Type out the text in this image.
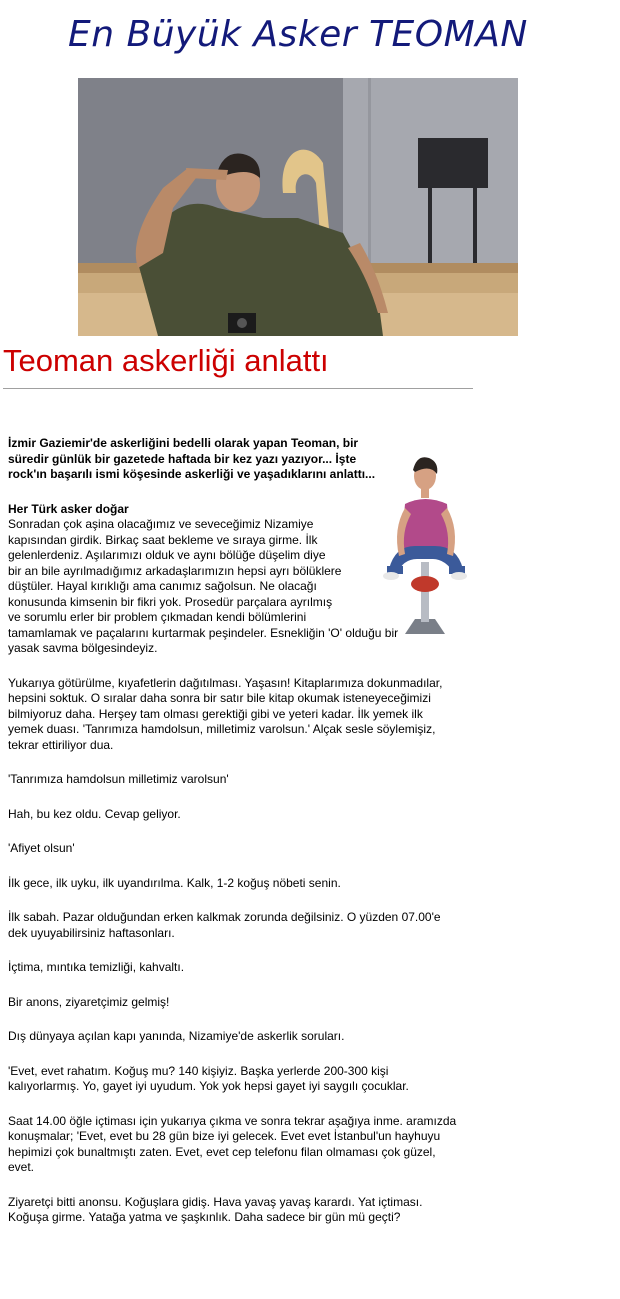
En Büyük Asker TEOMAN
Teoman askerliği anlattı

İzmir Gaziemir'de askerliğini bedelli olarak yapan Teoman, bir süredir günlük bir gazetede haftada bir kez yazı yazıyor... İşte rock'ın başarılı ismi köşesinde askerliği ve yaşadıklarını anlattı...

Her Türk asker doğar
Sonradan çok aşina olacağımız ve seveceğimiz Nizamiye
kapısından girdik. Birkaç saat bekleme ve sıraya girme. İlk
gelenlerdeniz. Aşılarımızı olduk ve aynı bölüğe düşelim diye
bir an bile ayrılmadığımız arkadaşlarımızın hepsi ayrı bölüklere
düştüler. Hayal kırıklığı ama canımız sağolsun. Ne olacağı
konusunda kimsenin bir fikri yok. Prosedür parçalara ayrılmış
ve sorumlu erler bir problem çıkmadan kendi bölümlerini
tamamlamak ve paçalarını kurtarmak peşindeler. Esnekliğin 'O' olduğu bir
yasak savma bölgesindeyiz.

Yukarıya götürülme, kıyafetlerin dağıtılması. Yaşasın! Kitaplarımıza dokunmadılar, hepsini soktuk. O sıralar daha sonra bir satır bile kitap okumak isteneyeceğimizi bilmiyoruz daha. Herşey tam olması gerektiği gibi ve yeteri kadar. İlk yemek ilk yemek duası. 'Tanrımıza hamdolsun, milletimiz varolsun.' Alçak sesle söylemişiz, tekrar ettiriliyor dua.

'Tanrımıza hamdolsun milletimiz varolsun'

Hah, bu kez oldu. Cevap geliyor.

'Afiyet olsun'

İlk gece, ilk uyku, ilk uyandırılma. Kalk, 1-2 koğuş nöbeti senin.

İlk sabah. Pazar olduğundan erken kalkmak zorunda değilsiniz. O yüzden 07.00'e dek uyuyabilirsiniz haftasonları.

İçtima, mıntıka temizliği, kahvaltı.

Bir anons, ziyaretçimiz gelmiş!

Dış dünyaya açılan kapı yanında, Nizamiye'de askerlik soruları.

'Evet, evet rahatım. Koğuş mu? 140 kişiyiz. Başka yerlerde 200-300 kişi kalıyorlarmış. Yo, gayet iyi uyudum. Yok yok hepsi gayet iyi saygılı çocuklar.

Saat 14.00 öğle içtiması için yukarıya çıkma ve sonra tekrar aşağıya inme. aramızda konuşmalar; 'Evet, evet bu 28 gün bize iyi gelecek. Evet evet İstanbul'un hayhuyu hepimizi çok bunaltmıştı zaten. Evet, evet cep telefonu filan olmaması çok güzel, evet.

Ziyaretçi bitti anonsu. Koğuşlara gidiş. Hava yavaş yavaş karardı. Yat içtiması. Koğuşa girme. Yatağa yatma ve şaşkınlık. Daha sadece bir gün mü geçti?
